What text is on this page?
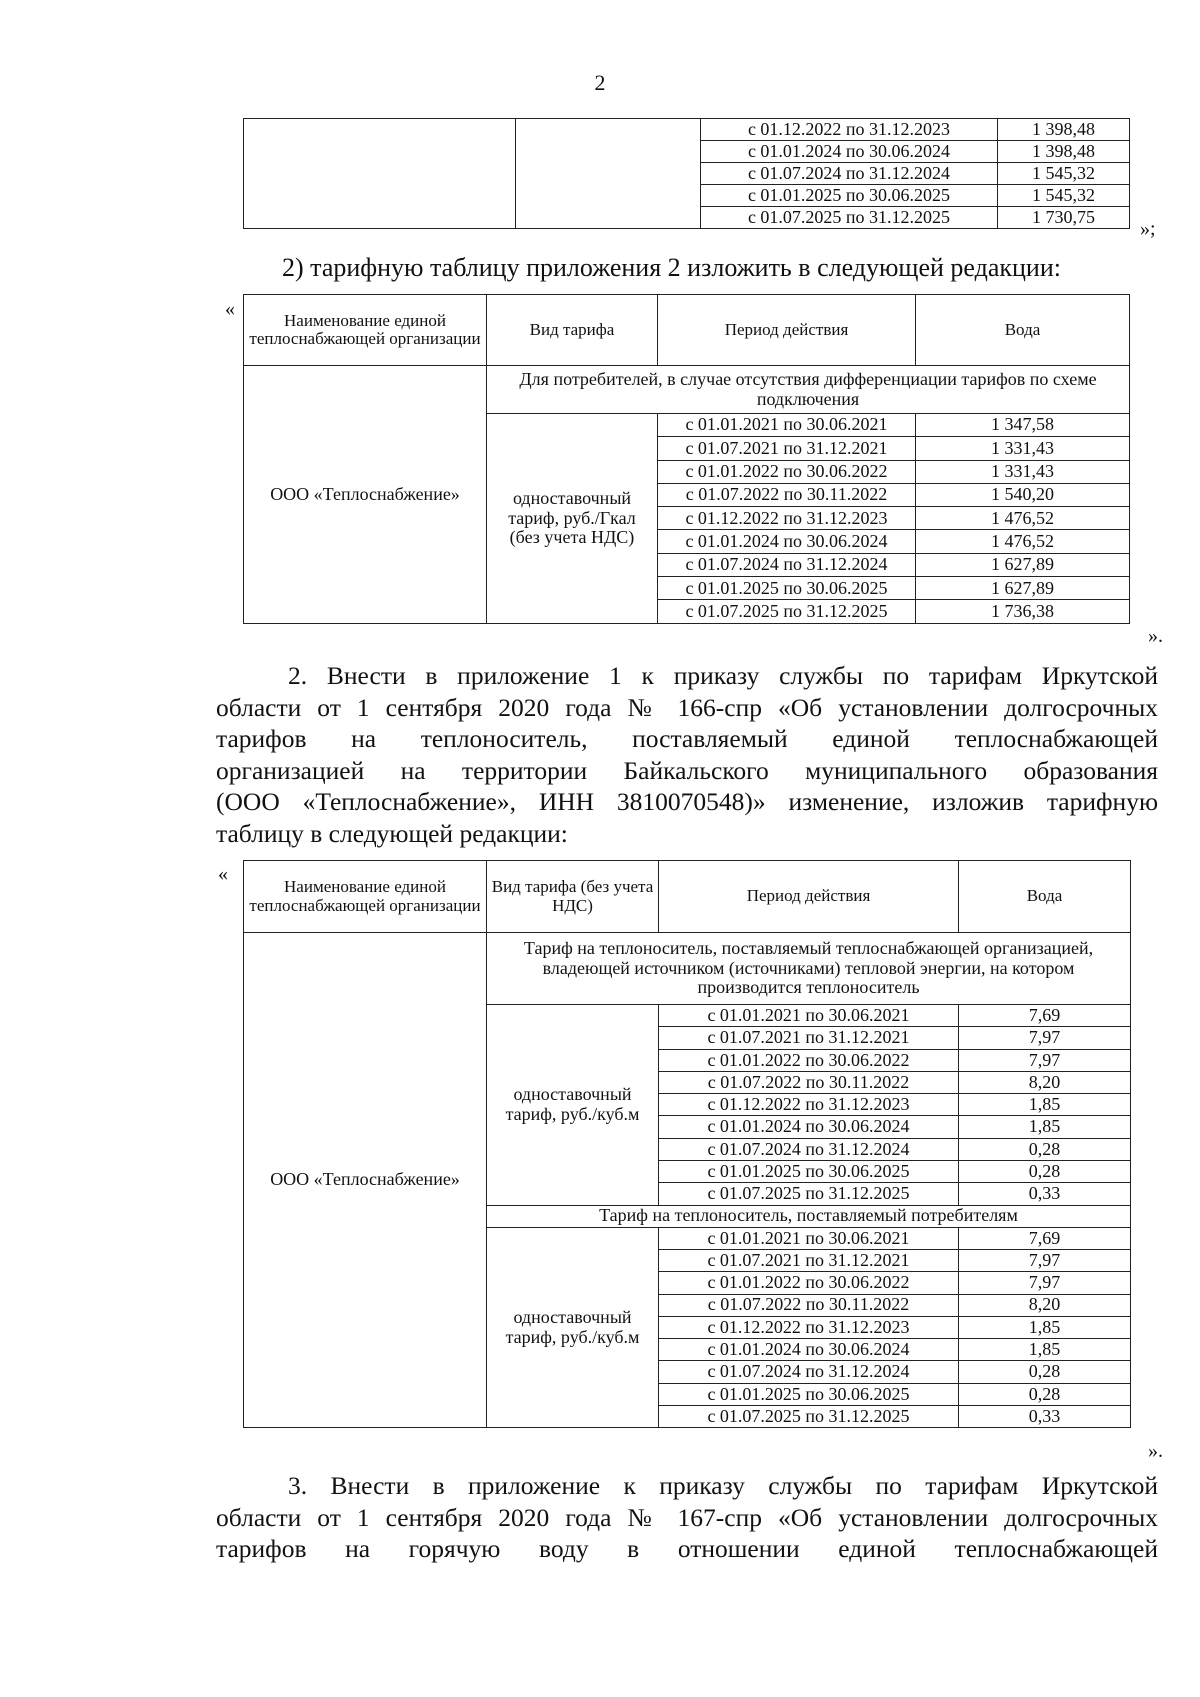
2
		с 01.12.2022 по 31.12.2023	1 398,48
		с 01.01.2024 по 30.06.2024	1 398,48
		с 01.07.2024 по 31.12.2024	1 545,32
		с 01.01.2025 по 30.06.2025	1 545,32
		с 01.07.2025 по 31.12.2025	1 730,75
»;
2) тарифную таблицу приложения 2 изложить в следующей редакции:
«
Наименование единой теплоснабжающей организации	Вид тарифа	Период действия	Вода
ООО «Теплоснабжение»	Для потребителей, в случае отсутствия дифференциации тарифов по схеме подключения		
	одноставочный тариф, руб./Гкал (без учета НДС)	с 01.01.2021 по 30.06.2021	1 347,58
		с 01.07.2021 по 31.12.2021	1 331,43
		с 01.01.2022 по 30.06.2022	1 331,43
		с 01.07.2022 по 30.11.2022	1 540,20
		с 01.12.2022 по 31.12.2023	1 476,52
		с 01.01.2024 по 30.06.2024	1 476,52
		с 01.07.2024 по 31.12.2024	1 627,89
		с 01.01.2025 по 30.06.2025	1 627,89
		с 01.07.2025 по 31.12.2025	1 736,38
».
2. Внести в приложение 1 к приказу службы по тарифам Иркутской
области от 1 сентября 2020 года № 166-спр «Об установлении долгосрочных
тарифов на теплоноситель, поставляемый единой теплоснабжающей
организацией на территории Байкальского муниципального образования
(ООО «Теплоснабжение», ИНН 3810070548)» изменение, изложив тарифную
таблицу в следующей редакции:
«
Наименование единой теплоснабжающей организации	Вид тарифа (без учета НДС)	Период действия	Вода
ООО «Теплоснабжение»	Тариф на теплоноситель, поставляемый теплоснабжающей организацией, владеющей источником (источниками) тепловой энергии, на котором производится теплоноситель		
	одноставочный тариф, руб./куб.м	с 01.01.2021 по 30.06.2021	7,69
		с 01.07.2021 по 31.12.2021	7,97
		с 01.01.2022 по 30.06.2022	7,97
		с 01.07.2022 по 30.11.2022	8,20
		с 01.12.2022 по 31.12.2023	1,85
		с 01.01.2024 по 30.06.2024	1,85
		с 01.07.2024 по 31.12.2024	0,28
		с 01.01.2025 по 30.06.2025	0,28
		с 01.07.2025 по 31.12.2025	0,33
	Тариф на теплоноситель, поставляемый потребителям		
	одноставочный тариф, руб./куб.м	с 01.01.2021 по 30.06.2021	7,69
		с 01.07.2021 по 31.12.2021	7,97
		с 01.01.2022 по 30.06.2022	7,97
		с 01.07.2022 по 30.11.2022	8,20
		с 01.12.2022 по 31.12.2023	1,85
		с 01.01.2024 по 30.06.2024	1,85
		с 01.07.2024 по 31.12.2024	0,28
		с 01.01.2025 по 30.06.2025	0,28
		с 01.07.2025 по 31.12.2025	0,33
».
3. Внести в приложение к приказу службы по тарифам Иркутской
области от 1 сентября 2020 года № 167-спр «Об установлении долгосрочных
тарифов на горячую воду в отношении единой теплоснабжающей
